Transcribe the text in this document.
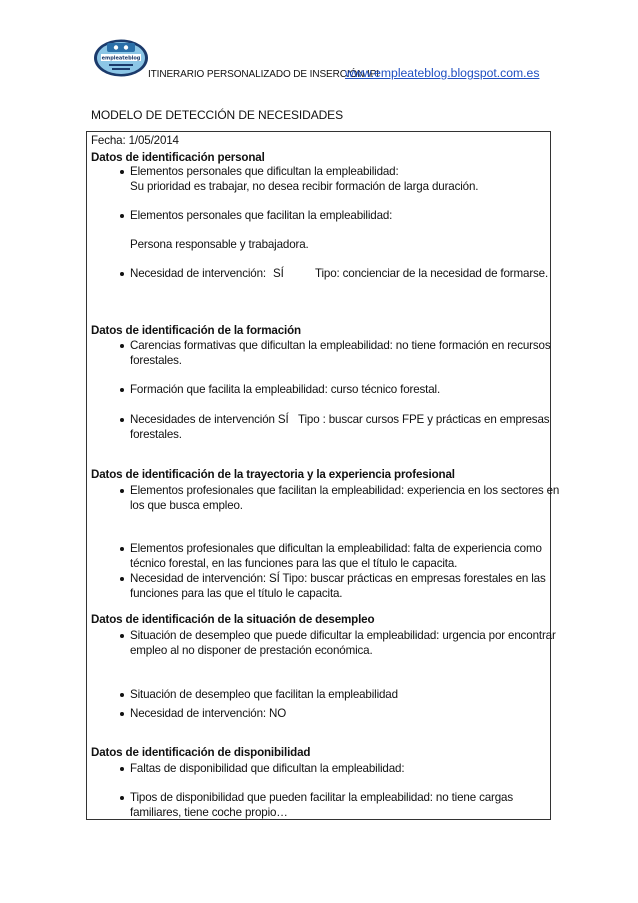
empleateblog
ITINERARIO PERSONALIZADO DE INSERCIÓN IPI
www.empleateblog.blogspot.com.es
MODELO DE DETECCIÓN DE NECESIDADES
Fecha: 1/05/2014
Datos de identificación personal
Elementos personales que dificultan la empleabilidad:
Su prioridad es trabajar, no desea recibir formación de larga duración.
Elementos personales que facilitan la empleabilidad:
Persona responsable y trabajadora.
Necesidad de intervención: SÍ	Tipo: concienciar de la necesidad de formarse.
Datos de identificación de la formación
Carencias formativas que dificultan la empleabilidad: no tiene formación en recursos
forestales.
Formación que facilita la empleabilidad: curso técnico forestal.
Necesidades de intervención SÍ Tipo : buscar cursos FPE y prácticas en empresas
forestales.
Datos de identificación de la trayectoria y la experiencia profesional
Elementos profesionales que facilitan la empleabilidad: experiencia en los sectores en
los que busca empleo.
Elementos profesionales que dificultan la empleabilidad: falta de experiencia como
técnico forestal, en las funciones para las que el título le capacita.
Necesidad de intervención: SÍ Tipo: buscar prácticas en empresas forestales en las
funciones para las que el título le capacita.
Datos de identificación de la situación de desempleo
Situación de desempleo que puede dificultar la empleabilidad: urgencia por encontrar
empleo al no disponer de prestación económica.
Situación de desempleo que facilitan la empleabilidad
Necesidad de intervención: NO
Datos de identificación de disponibilidad
Faltas de disponibilidad que dificultan la empleabilidad:
Tipos de disponibilidad que pueden facilitar la empleabilidad: no tiene cargas
familiares, tiene coche propio…
